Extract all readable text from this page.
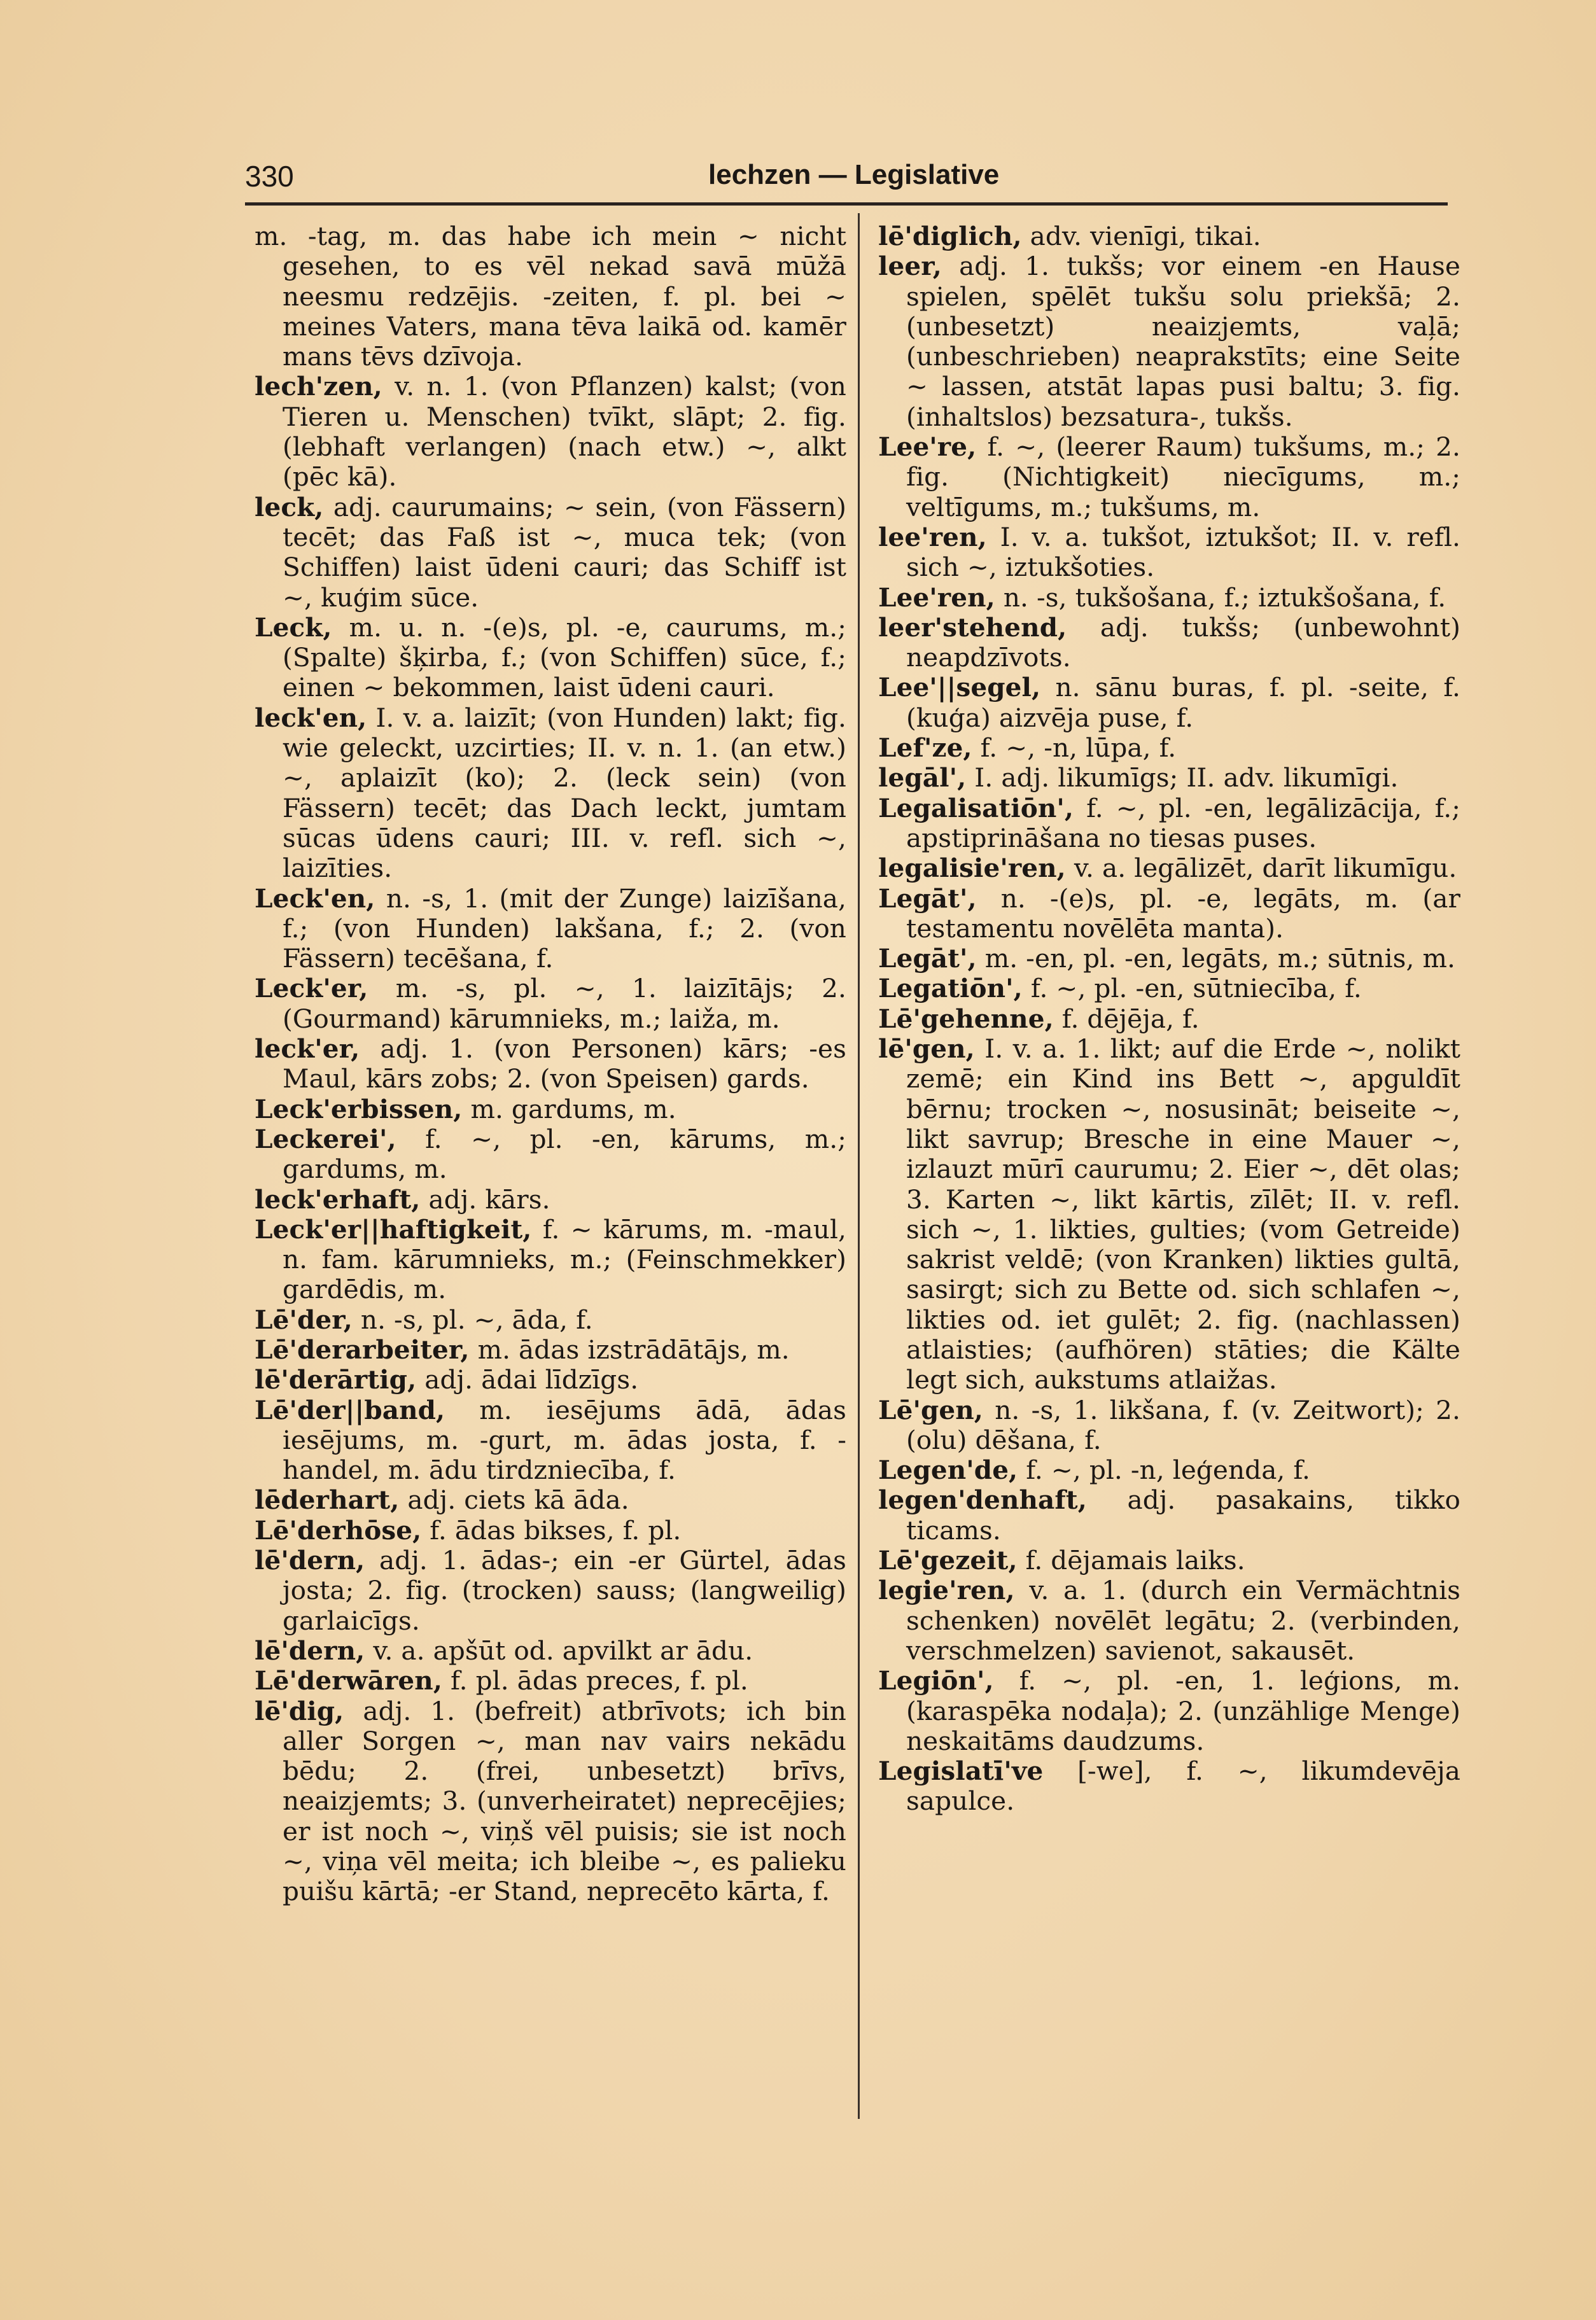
330	lechzen — Legislative

m. -tag, m. das habe ich mein ~ nicht gesehen, to es vēl nekad savā mūžā neesmu redzējis. -zeiten, f. pl. bei ~ meines Vaters, mana tēva laikā od. kamēr mans tēvs dzīvoja.

lech'zen, v. n. 1. (von Pflanzen) kalst; (von Tieren u. Menschen) tvīkt, slāpt; 2. fig. (lebhaft verlangen) (nach etw.) ~, alkt (pēc kā).

leck, adj. caurumains; ~ sein, (von Fässern) tecēt; das Faß ist ~, muca tek; (von Schiffen) laist ūdeni cauri; das Schiff ist ~, kuģim sūce.

Leck, m. u. n. -(e)s, pl. -e, caurums, m.; (Spalte) šķirba, f.; (von Schiffen) sūce, f.; einen ~ bekommen, laist ūdeni cauri.

leck'en, I. v. a. laizīt; (von Hunden) lakt; fig. wie geleckt, uzcirties; II. v. n. 1. (an etw.) ~, aplaizīt (ko); 2. (leck sein) (von Fässern) tecēt; das Dach leckt, jumtam sūcas ūdens cauri; III. v. refl. sich ~, laizīties.

Leck'en, n. -s, 1. (mit der Zunge) laizīšana, f.; (von Hunden) lakšana, f.; 2. (von Fässern) tecēšana, f.

Leck'er, m. -s, pl. ~, 1. laizītājs; 2. (Gourmand) kārumnieks, m.; laiža, m.

leck'er, adj. 1. (von Personen) kārs; -es Maul, kārs zobs; 2. (von Speisen) gards.

Leck'erbissen, m. gardums, m.

Leckerei', f. ~, pl. -en, kārums, m.; gardums, m.

leck'erhaft, adj. kārs.

Leck'er||haftigkeit, f. ~ kārums, m. -maul, n. fam. kārumnieks, m.; (Feinschmekker) gardēdis, m.

Lē'der, n. -s, pl. ~, āda, f.

Lē'derarbeiter, m. ādas izstrādātājs, m.

lē'derārtig, adj. ādai līdzīgs.

Lē'der||band, m. iesējums ādā, ādas iesējums, m. -gurt, m. ādas josta, f. -handel, m. ādu tirdzniecība, f.

lēderhart, adj. ciets kā āda.

Lē'derhōse, f. ādas bikses, f. pl.

lē'dern, adj. 1. ādas-; ein -er Gürtel, ādas josta; 2. fig. (trocken) sauss; (langweilig) garlaicīgs.

lē'dern, v. a. apšūt od. apvilkt ar ādu.

Lē'derwāren, f. pl. ādas preces, f. pl.

lē'dig, adj. 1. (befreit) atbrīvots; ich bin aller Sorgen ~, man nav vairs nekādu bēdu; 2. (frei, unbesetzt) brīvs, neaizjemts; 3. (unverheiratet) neprecējies; er ist noch ~, viņš vēl puisis; sie ist noch ~, viņa vēl meita; ich bleibe ~, es palieku puišu kārtā; -er Stand, neprecēto kārta, f.

lē'diglich, adv. vienīgi, tikai.

leer, adj. 1. tukšs; vor einem -en Hause spielen, spēlēt tukšu solu priekšā; 2. (unbesetzt) neaizjemts, vaļā; (unbeschrieben) neaprakstīts; eine Seite ~ lassen, atstāt lapas pusi baltu; 3. fig. (inhaltslos) bezsatura-, tukšs.

Lee're, f. ~, (leerer Raum) tukšums, m.; 2. fig. (Nichtigkeit) niecīgums, m.; veltīgums, m.; tukšums, m.

lee'ren, I. v. a. tukšot, iztukšot; II. v. refl. sich ~, iztukšoties.

Lee'ren, n. -s, tukšošana, f.; iztukšošana, f.

leer'stehend, adj. tukšs; (unbewohnt) neapdzīvots.

Lee'||segel, n. sānu buras, f. pl. -seite, f. (kuģa) aizvēja puse, f.

Lef'ze, f. ~, -n, lūpa, f.

legāl', I. adj. likumīgs; II. adv. likumīgi.

Legalisatiōn', f. ~, pl. -en, legālizācija, f.; apstiprināšana no tiesas puses.

legalisie'ren, v. a. legālizēt, darīt likumīgu.

Legāt', n. -(e)s, pl. -e, legāts, m. (ar testamentu novēlēta manta).

Legāt', m. -en, pl. -en, legāts, m.; sūtnis, m.

Legatiōn', f. ~, pl. -en, sūtniecība, f.

Lē'gehenne, f. dējēja, f.

lē'gen, I. v. a. 1. likt; auf die Erde ~, nolikt zemē; ein Kind ins Bett ~, apguldīt bērnu; trocken ~, nosusināt; beiseite ~, likt savrup; Bresche in eine Mauer ~, izlauzt mūrī caurumu; 2. Eier ~, dēt olas; 3. Karten ~, likt kārtis, zīlēt; II. v. refl. sich ~, 1. likties, gulties; (vom Getreide) sakrist veldē; (von Kranken) likties gultā, sasirgt; sich zu Bette od. sich schlafen ~, likties od. iet gulēt; 2. fig. (nachlassen) atlaisties; (aufhören) stāties; die Kälte legt sich, aukstums atlaižas.

Lē'gen, n. -s, 1. likšana, f. (v. Zeitwort); 2. (olu) dēšana, f.

Legen'de, f. ~, pl. -n, leģenda, f.

legen'denhaft, adj. pasakains, tikko ticams.

Lē'gezeit, f. dējamais laiks.

legie'ren, v. a. 1. (durch ein Vermächtnis schenken) novēlēt legātu; 2. (verbinden, verschmelzen) savienot, sakausēt.

Legiōn', f. ~, pl. -en, 1. leģions, m. (karaspēka nodaļa); 2. (unzählige Menge) neskaitāms daudzums.

Legislatī've [-we], f. ~, likumdevēja sapulce.
